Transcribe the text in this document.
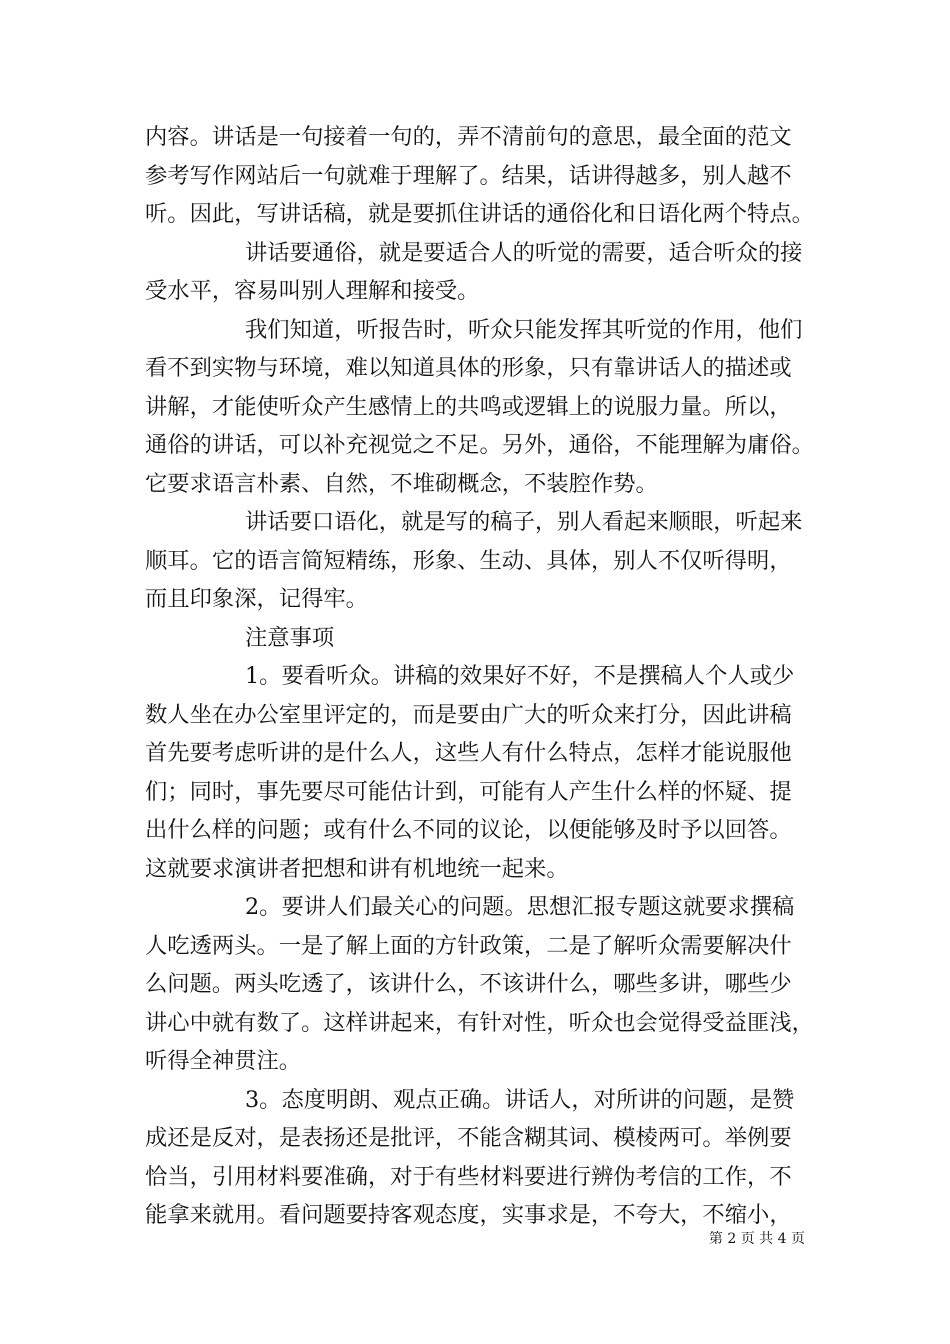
内容。讲话是一句接着一句的，弄不清前句的意思，最全面的范文
参考写作网站后一句就难于理解了。结果，话讲得越多，别人越不
听。因此，写讲话稿，就是要抓住讲话的通俗化和日语化两个特点。
讲话要通俗，就是要适合人的听觉的需要，适合听众的接
受水平，容易叫别人理解和接受。
我们知道，听报告时，听众只能发挥其听觉的作用，他们
看不到实物与环境，难以知道具体的形象，只有靠讲话人的描述或
讲解，才能使听众产生感情上的共鸣或逻辑上的说服力量。所以，
通俗的讲话，可以补充视觉之不足。另外，通俗，不能理解为庸俗。
它要求语言朴素、自然，不堆砌概念，不装腔作势。
讲话要口语化，就是写的稿子，别人看起来顺眼，听起来
顺耳。它的语言简短精练，形象、生动、具体，别人不仅听得明，
而且印象深，记得牢。
注意事项
1。要看听众。讲稿的效果好不好，不是撰稿人个人或少
数人坐在办公室里评定的，而是要由广大的听众来打分，因此讲稿
首先要考虑听讲的是什么人，这些人有什么特点，怎样才能说服他
们；同时，事先要尽可能估计到，可能有人产生什么样的怀疑、提
出什么样的问题；或有什么不同的议论，以便能够及时予以回答。
这就要求演讲者把想和讲有机地统一起来。
2。要讲人们最关心的问题。思想汇报专题这就要求撰稿
人吃透两头。一是了解上面的方针政策，二是了解听众需要解决什
么问题。两头吃透了，该讲什么，不该讲什么，哪些多讲，哪些少
讲心中就有数了。这样讲起来，有针对性，听众也会觉得受益匪浅，
听得全神贯注。
3。态度明朗、观点正确。讲话人，对所讲的问题，是赞
成还是反对，是表扬还是批评，不能含糊其词、模棱两可。举例要
恰当，引用材料要准确，对于有些材料要进行辨伪考信的工作，不
能拿来就用。看问题要持客观态度，实事求是，不夸大，不缩小，
第 2 页 共 4 页
